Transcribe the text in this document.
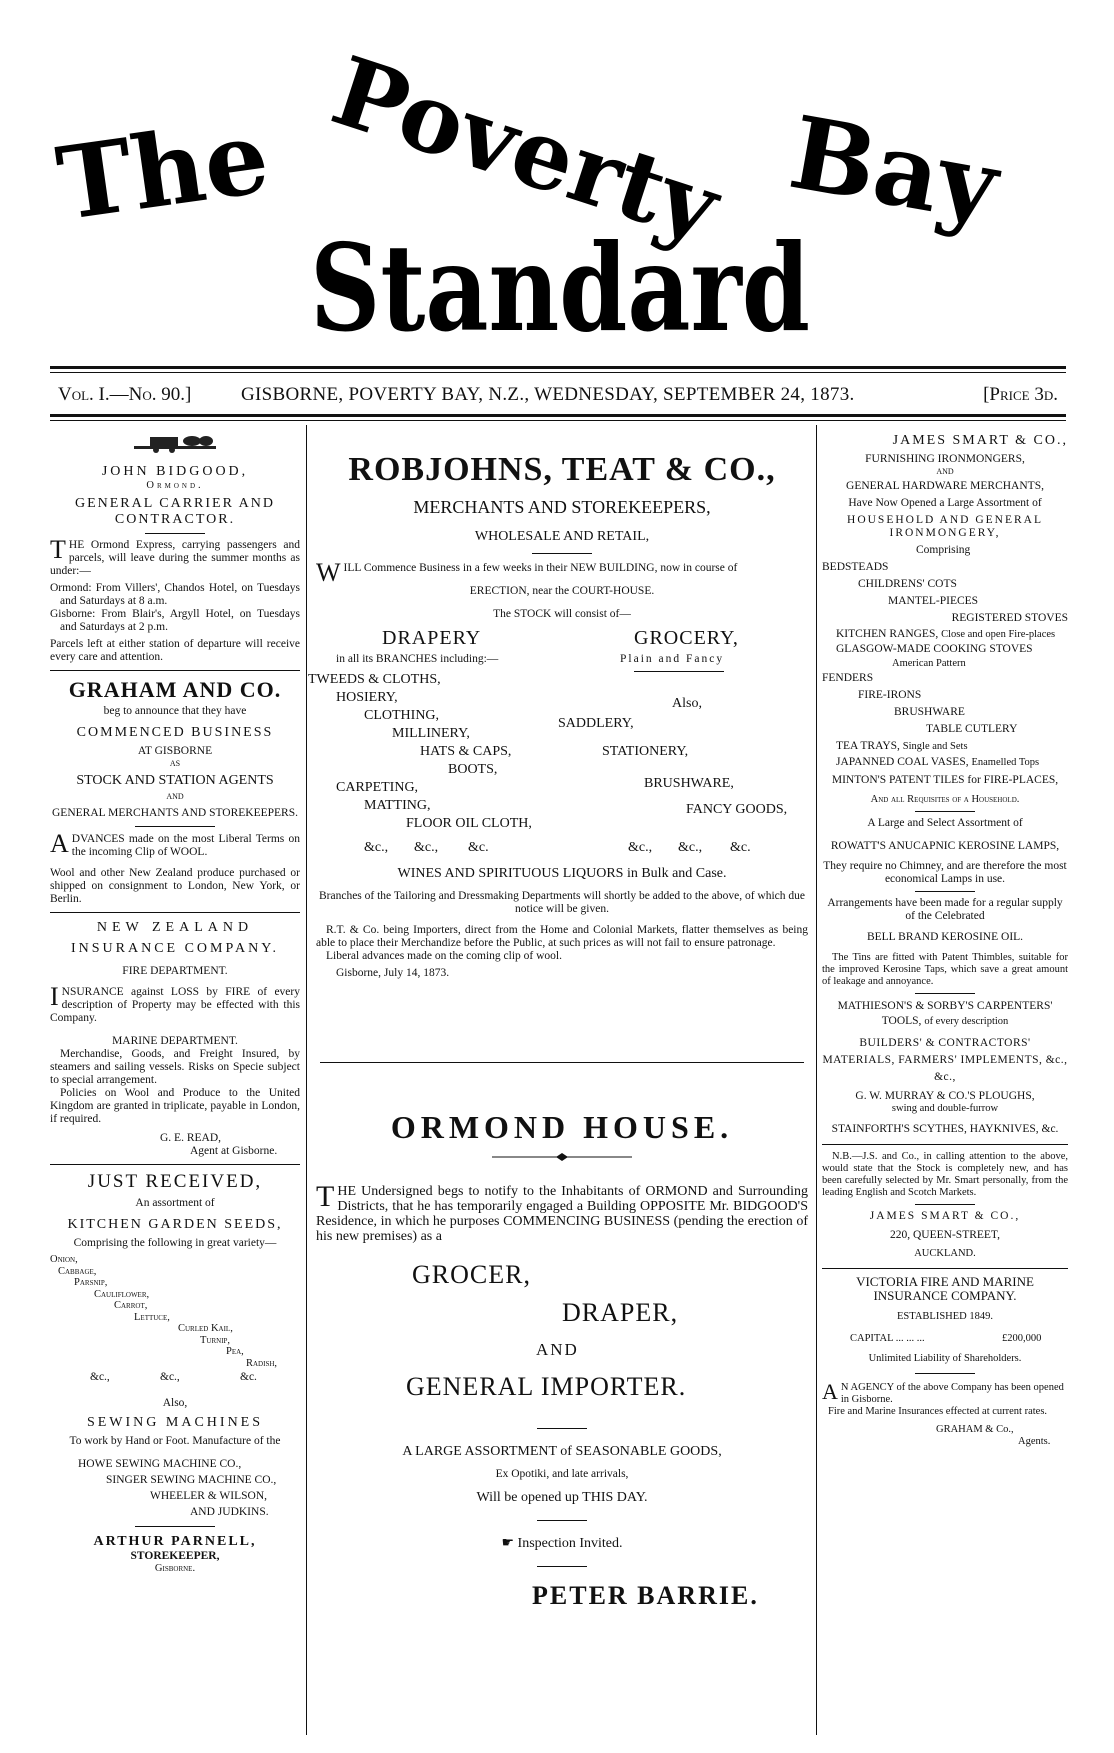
The Poverty Bay
Standard
Vol. I.—No. 90.]	GISBORNE, POVERTY BAY, N.Z., WEDNESDAY, SEPTEMBER 24, 1873.	[Price 3d.

JOHN BIDGOOD,

Ormond.

GENERAL CARRIER AND CONTRACTOR.

THE Ormond Express, carrying passengers and parcels, will leave during the summer months as under:—

Ormond: From Villers', Chandos Hotel, on Tuesdays and Saturdays at 8 a.m.

Gisborne: From Blair's, Argyll Hotel, on Tuesdays and Saturdays at 2 p.m.

Parcels left at either station of departure will receive every care and attention.

GRAHAM AND CO.

beg to announce that they have

COMMENCED BUSINESS

AT GISBORNE

AS

STOCK AND STATION AGENTS

AND

GENERAL MERCHANTS AND STOREKEEPERS.

ADVANCES made on the most Liberal Terms on the incoming Clip of WOOL.

Wool and other New Zealand produce purchased or shipped on consignment to London, New York, or Berlin.

NEW ZEALAND

INSURANCE COMPANY.

FIRE DEPARTMENT.

INSURANCE against LOSS by FIRE of every description of Property may be effected with this Company.

MARINE DEPARTMENT.

Merchandise, Goods, and Freight Insured, by steamers and sailing vessels. Risks on Specie subject to special arrangement.

Policies on Wool and Produce to the United Kingdom are granted in triplicate, payable in London, if required.

G. E. READ,

Agent at Gisborne.

JUST RECEIVED,

An assortment of

KITCHEN GARDEN SEEDS,

Comprising the following in great variety—

Onion,

Cabbage,

Parsnip,

Cauliflower,

Carrot,

Lettuce,

Curled Kail,

Turnip,

Pea,

Radish,

&c.,	&c.,	&c.

Also,

SEWING MACHINES

To work by Hand or Foot. Manufacture of the

HOWE SEWING MACHINE CO.,

SINGER SEWING MACHINE CO.,

WHEELER & WILSON,

AND JUDKINS.

ARTHUR PARNELL,

STOREKEEPER,

Gisborne.

ROBJOHNS, TEAT & CO.,

MERCHANTS AND STOREKEEPERS,

WHOLESALE AND RETAIL,

WILL Commence Business in a few weeks in their NEW BUILDING, now in course of

ERECTION, near the COURT-HOUSE.

The STOCK will consist of—

DRAPERY
in all its BRANCHES including:—
GROCERY,
Plain and Fancy
TWEEDS & CLOTHS,
HOSIERY,
CLOTHING,
MILLINERY,
HATS & CAPS,
BOOTS,
CARPETING,
MATTING,
FLOOR OIL CLOTH,
Also,
SADDLERY,
STATIONERY,
BRUSHWARE,
FANCY GOODS,
&c., &c., &c.	&c., &c., &c.

WINES AND SPIRITUOUS LIQUORS in Bulk and Case.

Branches of the Tailoring and Dressmaking Departments will shortly be added to the above, of which due notice will be given.

R.T. & Co. being Importers, direct from the Home and Colonial Markets, flatter themselves as being able to place their Merchandize before the Public, at such prices as will not fail to ensure patronage.

Liberal advances made on the coming clip of wool.

Gisborne, July 14, 1873.

ORMOND HOUSE.

THE Undersigned begs to notify to the Inhabitants of ORMOND and Surrounding Districts, that he has temporarily engaged a Building OPPOSITE Mr. BIDGOOD'S Residence, in which he purposes COMMENCING BUSINESS (pending the erection of his new premises) as a

GROCER,
DRAPER,
AND
GENERAL IMPORTER.

A LARGE ASSORTMENT of SEASONABLE GOODS,

Ex Opotiki, and late arrivals,

Will be opened up THIS DAY.

☛ Inspection Invited.

PETER BARRIE.

JAMES SMART & CO.,

FURNISHING IRONMONGERS,

AND

GENERAL HARDWARE MERCHANTS,

Have Now Opened a Large Assortment of

HOUSEHOLD AND GENERAL IRONMONGERY,

Comprising

BEDSTEADS

CHILDRENS' COTS

MANTEL-PIECES

REGISTERED STOVES

KITCHEN RANGES, Close and open Fire-places

GLASGOW-MADE COOKING STOVES

American Pattern

FENDERS

FIRE-IRONS

BRUSHWARE

TABLE CUTLERY

TEA TRAYS, Single and Sets

JAPANNED COAL VASES, Enamelled Tops

MINTON'S PATENT TILES for FIRE-PLACES,

And all Requisites of a Household.

A Large and Select Assortment of

ROWATT'S ANUCAPNIC KEROSINE LAMPS,

They require no Chimney, and are therefore the most economical Lamps in use.

Arrangements have been made for a regular supply of the Celebrated

BELL BRAND KEROSINE OIL.

The Tins are fitted with Patent Thimbles, suitable for the improved Kerosine Taps, which save a great amount of leakage and annoyance.

MATHIESON'S & SORBY'S CARPENTERS' TOOLS, of every description

BUILDERS' & CONTRACTORS' MATERIALS, FARMERS' IMPLEMENTS, &c., &c.,

G. W. MURRAY & CO.'S PLOUGHS,

swing and double-furrow

STAINFORTH'S SCYTHES, HAYKNIVES, &c.

N.B.—J.S. and Co., in calling attention to the above, would state that the Stock is completely new, and has been carefully selected by Mr. Smart personally, from the leading English and Scotch Markets.

JAMES SMART & CO.,

220, QUEEN-STREET,

AUCKLAND.

VICTORIA FIRE AND MARINE INSURANCE COMPANY.

ESTABLISHED 1849.

CAPITAL ... ... ...	£200,000

Unlimited Liability of Shareholders.

A N AGENCY of the above Company has been opened in Gisborne.

Fire and Marine Insurances effected at current rates.

GRAHAM & Co.,

Agents.
